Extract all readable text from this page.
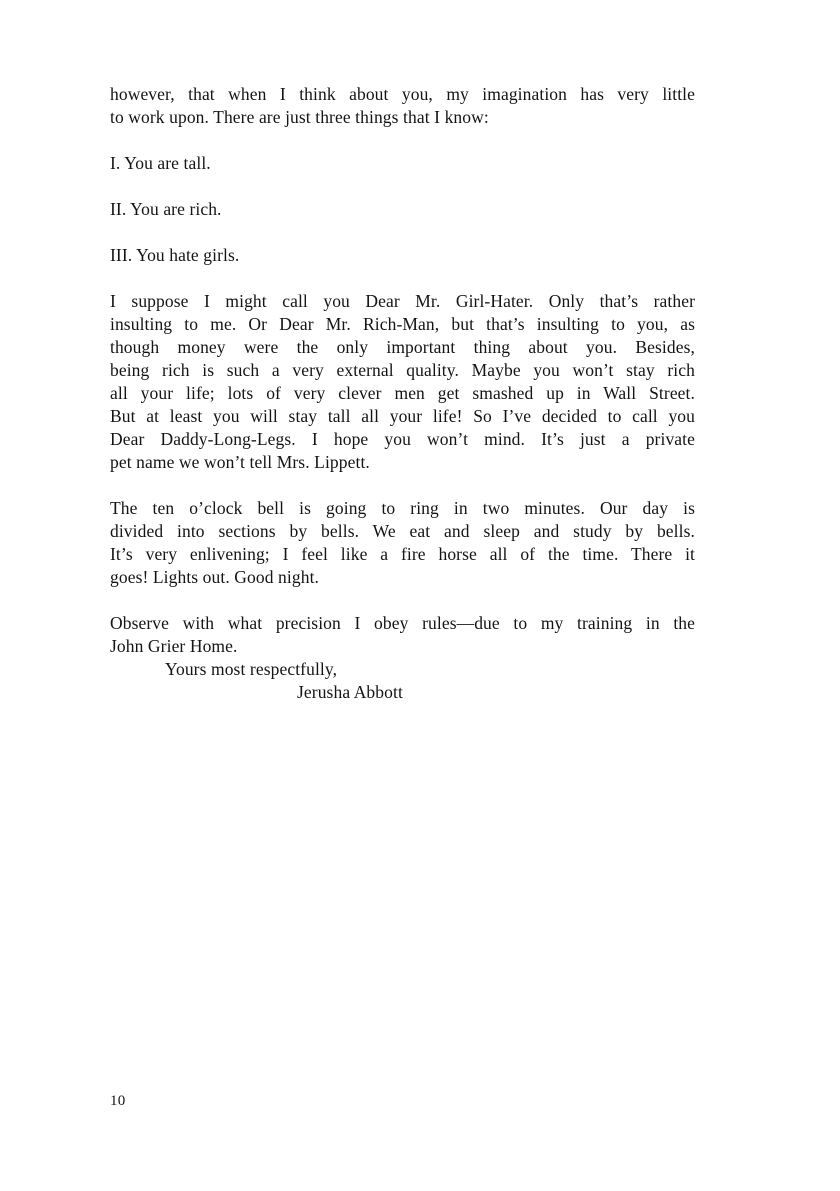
however, that when I think about you, my imagination has very little
to work upon. There are just three things that I know:
I. You are tall.
II. You are rich.
III. You hate girls.
I suppose I might call you Dear Mr. Girl-Hater. Only that’s rather
insulting to me. Or Dear Mr. Rich-Man, but that’s insulting to you, as
though money were the only important thing about you. Besides,
being rich is such a very external quality. Maybe you won’t stay rich
all your life; lots of very clever men get smashed up in Wall Street.
But at least you will stay tall all your life! So I’ve decided to call you
Dear Daddy-Long-Legs. I hope you won’t mind. It’s just a private
pet name we won’t tell Mrs. Lippett.
The ten o’clock bell is going to ring in two minutes. Our day is
divided into sections by bells. We eat and sleep and study by bells.
It’s very enlivening; I feel like a fire horse all of the time. There it
goes! Lights out. Good night.
Observe with what precision I obey rules—due to my training in the
John Grier Home.
Yours most respectfully,
Jerusha Abbott
10
